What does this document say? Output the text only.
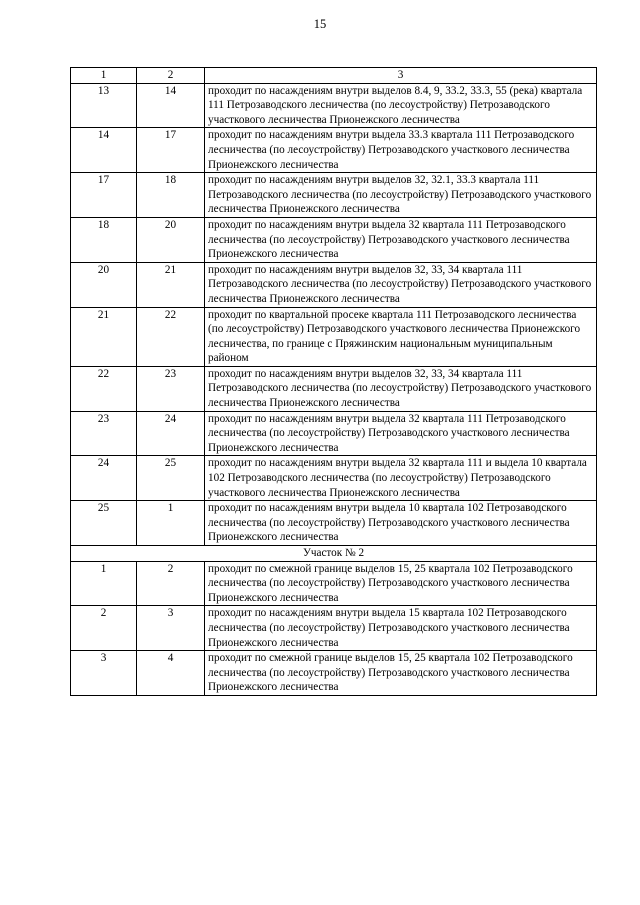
15
1	2	3
13	14	проходит по насаждениям внутри выделов 8.4, 9, 33.2, 33.3, 55 (река) квартала 111 Петрозаводского лесничества (по лесоустройству) Петрозаводского участкового лесничества Прионежского лесничества
14	17	проходит по насаждениям внутри выдела 33.3 квартала 111 Петрозаводского лесничества (по лесоустройству) Петрозаводского участкового лесничества Прионежского лесничества
17	18	проходит по насаждениям внутри выделов 32, 32.1, 33.3 квартала 111 Петрозаводского лесничества (по лесоустройству) Петрозаводского участкового лесничества Прионежского лесничества
18	20	проходит по насаждениям внутри выдела 32 квартала 111 Петрозаводского лесничества (по лесоустройству) Петрозаводского участкового лесничества Прионежского лесничества
20	21	проходит по насаждениям внутри выделов 32, 33, 34 квартала 111 Петрозаводского лесничества (по лесоустройству) Петрозаводского участкового лесничества Прионежского лесничества
21	22	проходит по квартальной просеке квартала 111 Петрозаводского лесничества (по лесоустройству) Петрозаводского участкового лесничества Прионежского лесничества, по границе с Пряжинским национальным муниципальным районом
22	23	проходит по насаждениям внутри выделов 32, 33, 34 квартала 111 Петрозаводского лесничества (по лесоустройству) Петрозаводского участкового лесничества Прионежского лесничества
23	24	проходит по насаждениям внутри выдела 32 квартала 111 Петрозаводского лесничества (по лесоустройству) Петрозаводского участкового лесничества Прионежского лесничества
24	25	проходит по насаждениям внутри выдела 32 квартала 111 и выдела 10 квартала 102 Петрозаводского лесничества (по лесоустройству) Петрозаводского участкового лесничества Прионежского лесничества
25	1	проходит по насаждениям внутри выдела 10 квартала 102 Петрозаводского лесничества (по лесоустройству) Петрозаводского участкового лесничества Прионежского лесничества
Участок № 2		
1	2	проходит по смежной границе выделов 15, 25 квартала 102 Петрозаводского лесничества (по лесоустройству) Петрозаводского участкового лесничества Прионежского лесничества
2	3	проходит по насаждениям внутри выдела 15 квартала 102 Петрозаводского лесничества (по лесоустройству) Петрозаводского участкового лесничества Прионежского лесничества
3	4	проходит по смежной границе выделов 15, 25 квартала 102 Петрозаводского лесничества (по лесоустройству) Петрозаводского участкового лесничества Прионежского лесничества
